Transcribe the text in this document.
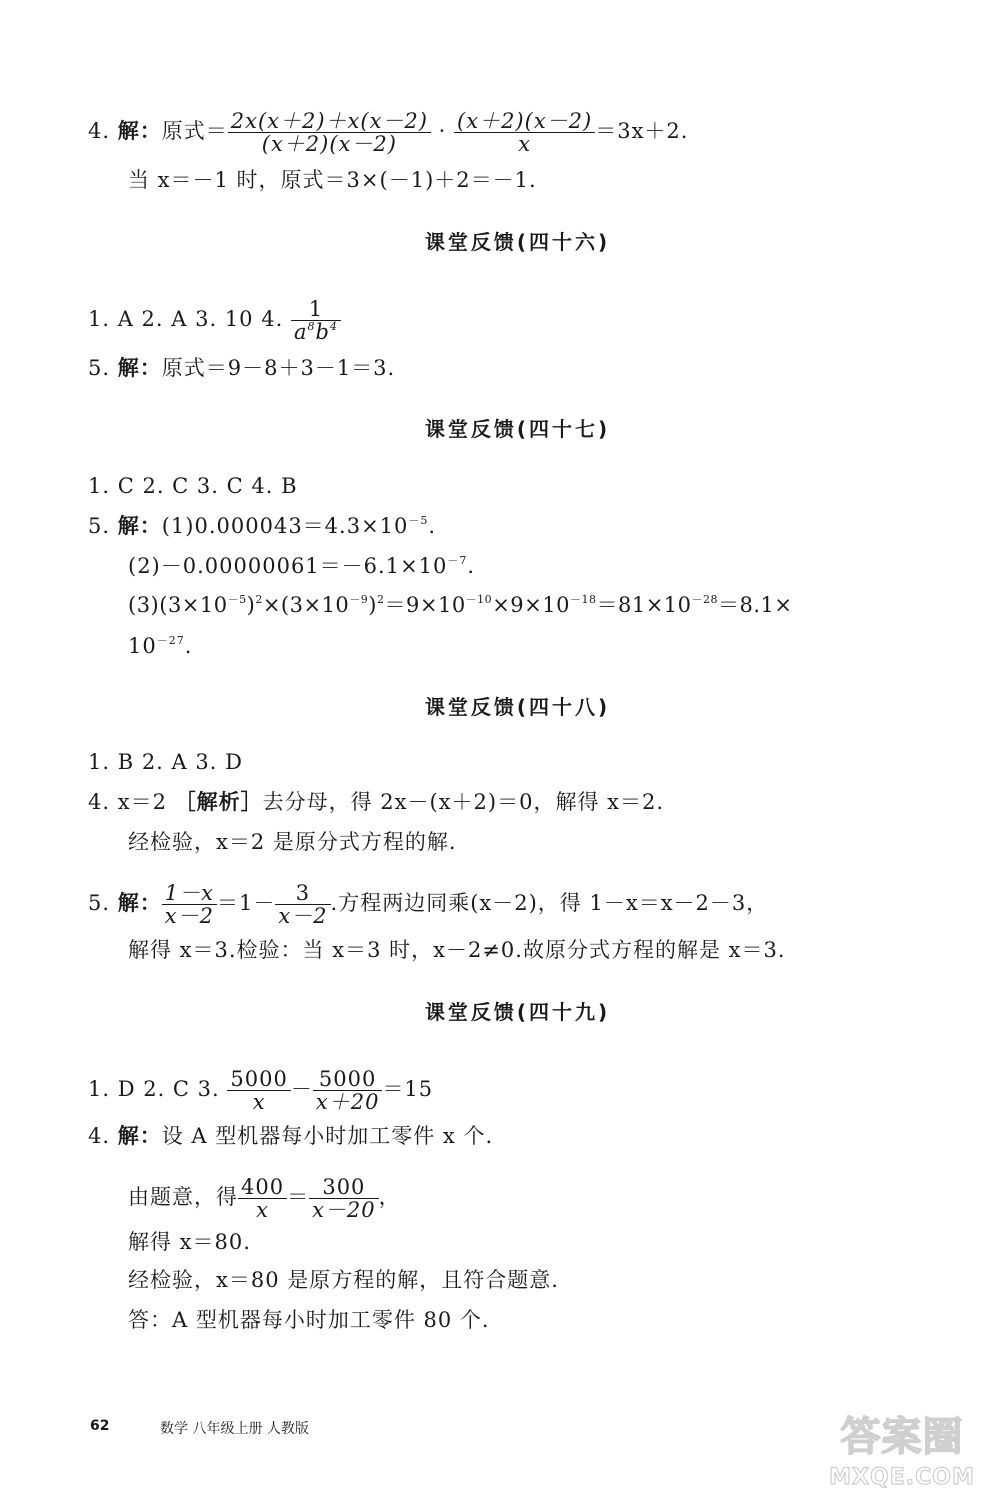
4. 解：原式＝ $\frac{2x(x+2)+x(x-2)}{(x+2)(x-2)} \cdot \frac{(x+2)(x-2)}{x} =3x+2$.
当 x＝－1 时，原式＝3×(－1)＋2＝－1.
课堂反馈(四十六)
1. A 2. A 3. 10 4. $\frac{1}{a^8b^4}$
5. 解：原式＝9－8＋3－1＝3.
课堂反馈(四十七)
1. C 2. C 3. C 4. B
5. 解：$(1)0.000043=4.3\times 10^{-5}$.
$(2)-0.00000061=-6.1\times 10^{-7}$.
$(3)(3\times 10^{-5})^2\times(3\times 10^{-9})^2=9\times 10^{-10}\times 9\times 10^{-18}=81\times 10^{-28}=8.1\times$
$10^{-27}$.
课堂反馈(四十八)
1. B 2. A 3. D
4. x＝2 ［解析］去分母，得 2x－(x＋2)＝0，解得 x＝2.
经检验，x＝2 是原分式方程的解.
5. 解： $\frac{1-x}{x-2} =1- \frac{3}{x-2}$ .方程两边同乘(x－2)，得 1－x＝x－2－3，
解得 x＝3.检验：当 x＝3 时，x－2≠0.故原分式方程的解是 x＝3.
课堂反馈(四十九)
1. D 2. C 3. $\frac{5000}{x} - \frac{5000}{x+20} =15$
4. 解：设 A 型机器每小时加工零件 x 个.
由题意，得 $\frac{400}{x} = \frac{300}{x-20}$ ，
解得 x＝80.
经检验，x＝80 是原方程的解，且符合题意.
答：A 型机器每小时加工零件 80 个.
62	数学 八年级上册 人教版	答案圈
MXQE.COM
